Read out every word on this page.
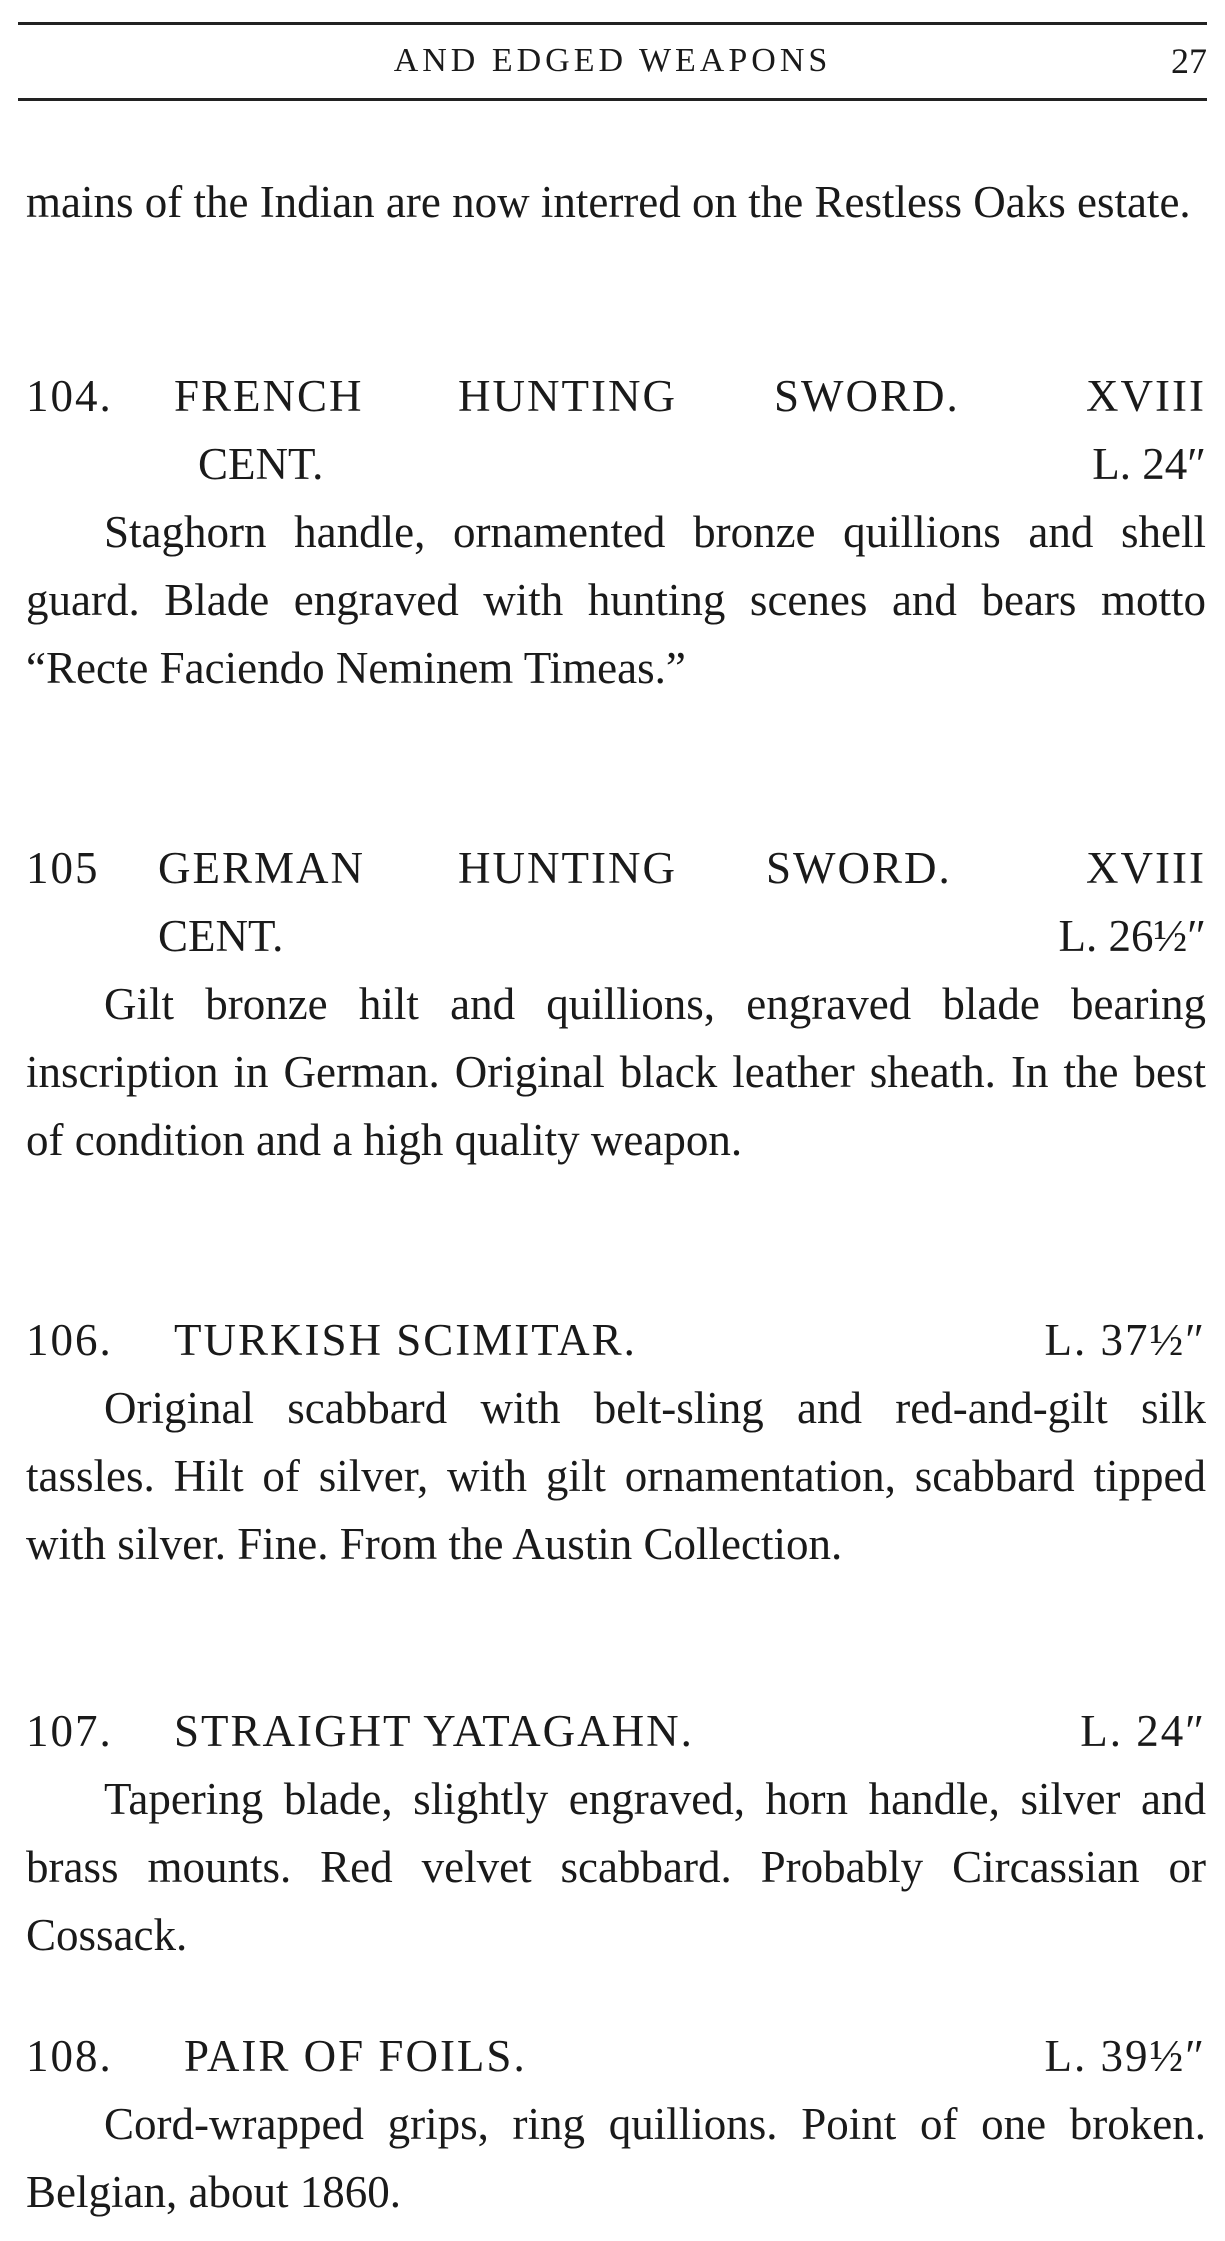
AND EDGED WEAPONS	27

mains of the Indian are now interred on the Restless Oaks estate.

104. FRENCH HUNTING SWORD.	XVIII
CENT.	L. 24″

Staghorn handle, ornamented bronze quillions and shell guard. Blade engraved with hunting scenes and bears motto “Recte Faciendo Neminem Timeas.”

105 GERMAN HUNTING SWORD.	XVIII
CENT.	L. 26½″

Gilt bronze hilt and quillions, engraved blade bearing inscription in German. Original black leather sheath. In the best of condition and a high quality weapon.

106. TURKISH SCIMITAR.	L. 37½″

Original scabbard with belt-sling and red-and-gilt silk tassles. Hilt of silver, with gilt ornamentation, scabbard tipped with silver. Fine. From the Austin Collection.

107. STRAIGHT YATAGAHN.	L. 24″

Tapering blade, slightly engraved, horn handle, silver and brass mounts. Red velvet scabbard. Probably Circassian or Cossack.

108. PAIR OF FOILS.	L. 39½″

Cord-wrapped grips, ring quillions. Point of one broken. Belgian, about 1860.
